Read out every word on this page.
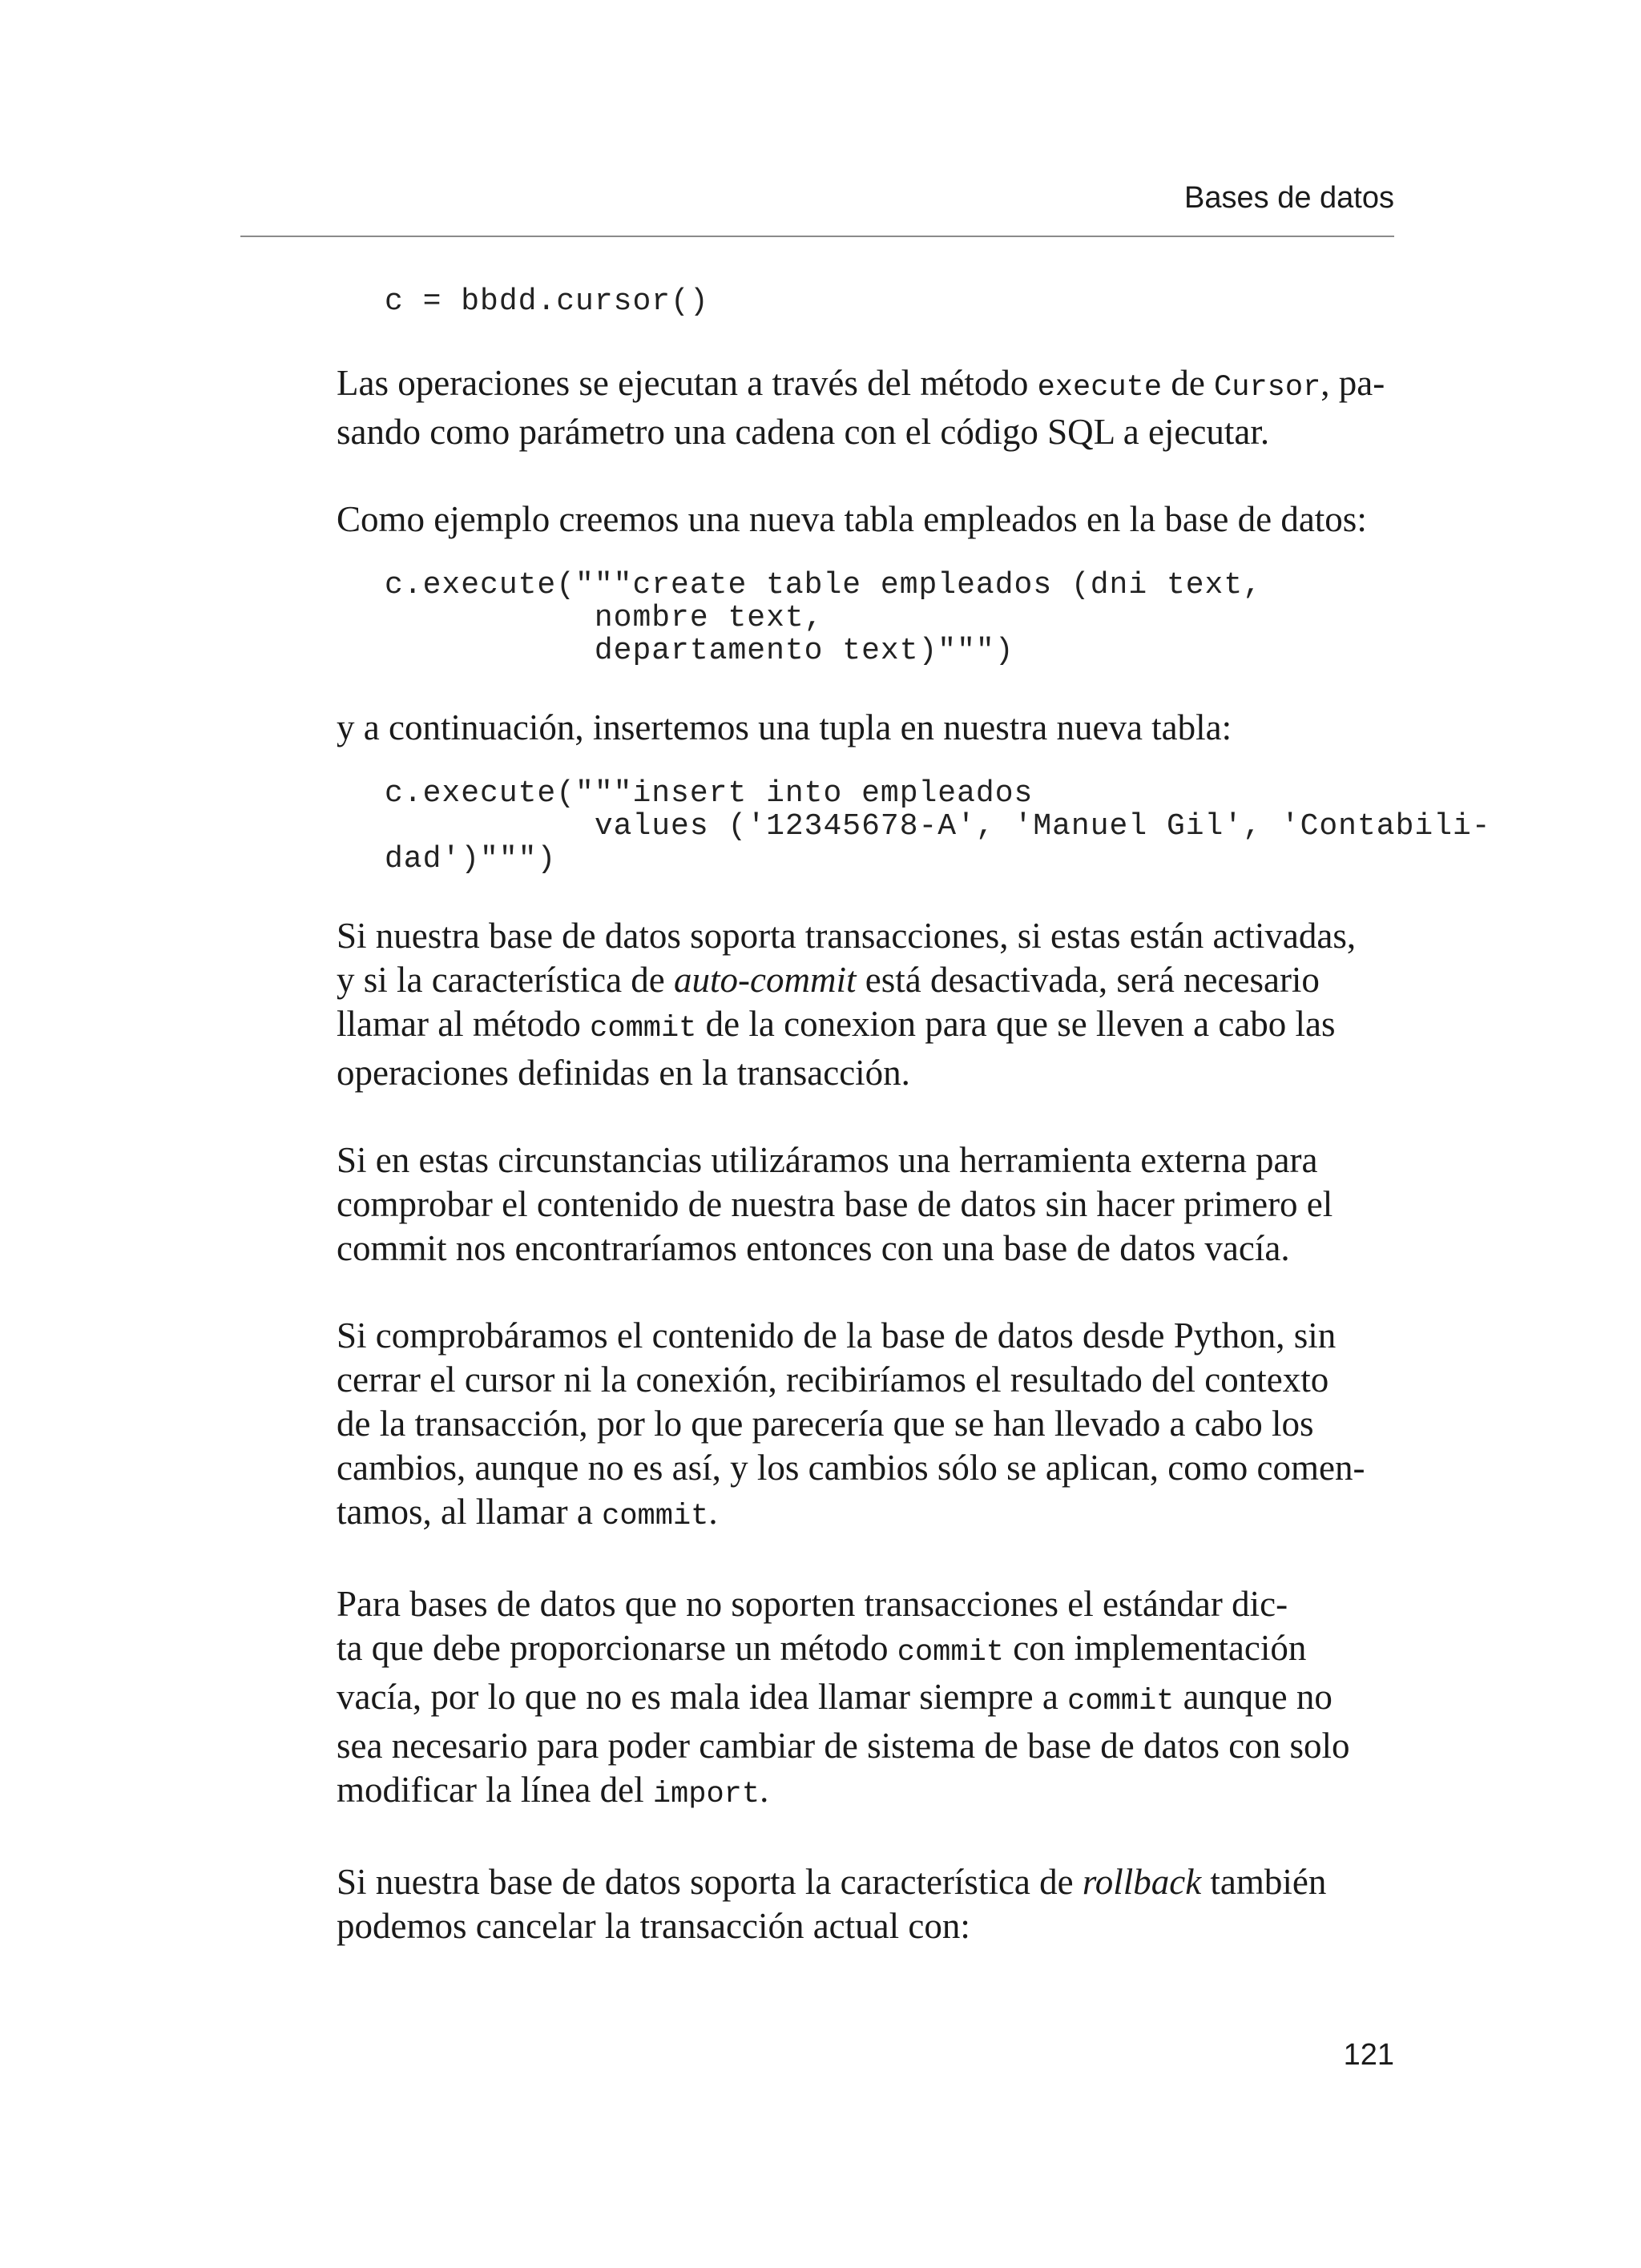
Bases de datos
c = bbdd.cursor()

Las operaciones se ejecutan a través del método execute de Cursor, pa-
sando como parámetro una cadena con el código SQL a ejecutar.

Como ejemplo creemos una nueva tabla empleados en la base de datos:

c.execute("""create table empleados (dni text,
nombre text,
departamento text)""")

y a continuación, insertemos una tupla en nuestra nueva tabla:

c.execute("""insert into empleados
values ('12345678-A', 'Manuel Gil', 'Contabili-
dad')""")

Si nuestra base de datos soporta transacciones, si estas están activadas,
y si la característica de auto-commit está desactivada, será necesario
llamar al método commit de la conexion para que se lleven a cabo las
operaciones definidas en la transacción.

Si en estas circunstancias utilizáramos una herramienta externa para
comprobar el contenido de nuestra base de datos sin hacer primero el
commit nos encontraríamos entonces con una base de datos vacía.

Si comprobáramos el contenido de la base de datos desde Python, sin
cerrar el cursor ni la conexión, recibiríamos el resultado del contexto
de la transacción, por lo que parecería que se han llevado a cabo los
cambios, aunque no es así, y los cambios sólo se aplican, como comen-
tamos, al llamar a commit.

Para bases de datos que no soporten transacciones el estándar dic-
ta que debe proporcionarse un método commit con implementación
vacía, por lo que no es mala idea llamar siempre a commit aunque no
sea necesario para poder cambiar de sistema de base de datos con solo
modificar la línea del import.

Si nuestra base de datos soporta la característica de rollback también
podemos cancelar la transacción actual con:

121
